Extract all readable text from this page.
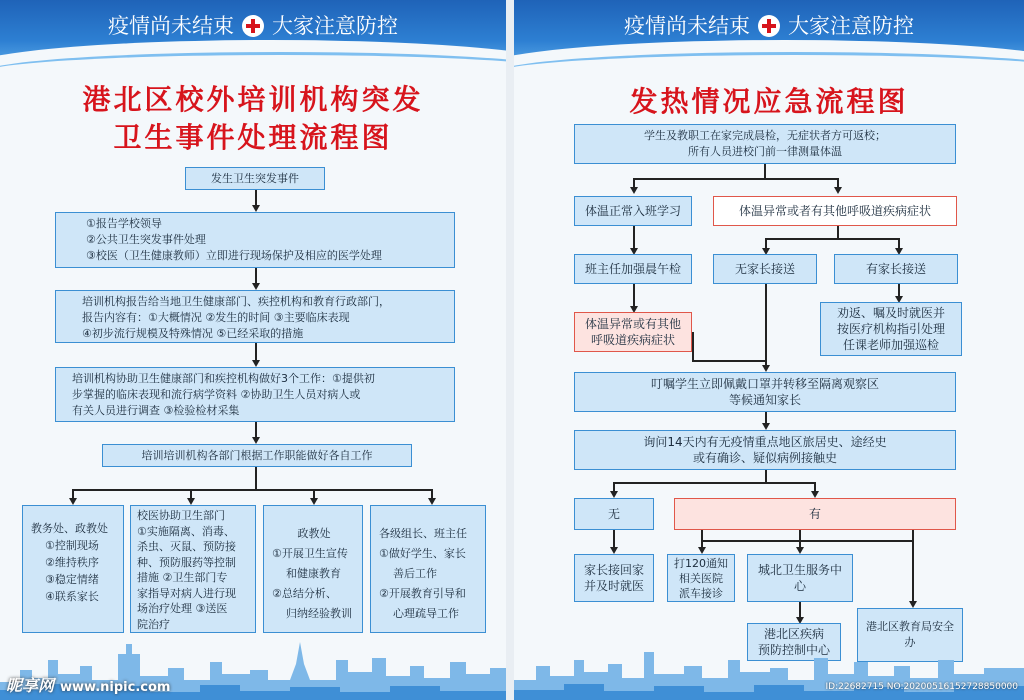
疫情尚未结束 大家注意防控
港北区校外培训机构突发
卫生事件处理流程图
发生卫生突发事件
①报告学校领导
②公共卫生突发事件处理
③校医（卫生健康教师）立即进行现场保护及相应的医学处理
培训机构报告给当地卫生健康部门、疾控机构和教育行政部门，
报告内容有：①大概情况 ②发生的时间 ③主要临床表现
④初步流行规模及特殊情况 ⑤已经采取的措施
培训机构协助卫生健康部门和疾控机构做好3个工作：①提供初
步掌握的临床表现和流行病学资料 ②协助卫生人员对病人或
有关人员进行调查 ③检验检材采集
培训培训机构各部门根据工作职能做好各自工作
教务处、政教处
①控制现场
②维持秩序
③稳定情绪
④联系家长
校医协助卫生部门
①实施隔离、消毒、
杀虫、灭鼠、预防接
种、预防服药等控制
措施 ②卫生部门专
家指导对病人进行现
场治疗处理 ③送医
院治疗
政教处
①开展卫生宣传
和健康教育
②总结分析、
归纳经验教训
各级组长、班主任
①做好学生、家长
善后工作
②开展教育引导和
心理疏导工作
昵享网 www.nipic.com
疫情尚未结束 大家注意防控
发热情况应急流程图
学生及教职工在家完成晨检，无症状者方可返校；
所有人员进校门前一律测量体温
体温正常入班学习	体温异常或者有其他呼吸道疾病症状
班主任加强晨午检	无家长接送	有家长接送
体温异常或有其他
呼吸道疾病症状
劝返、嘱及时就医并
按医疗机构指引处理
任课老师加强巡检
叮嘱学生立即佩戴口罩并转移至隔离观察区
等候通知家长
询问14天内有无疫情重点地区旅居史、途经史
或有确诊、疑似病例接触史
无	有
家长接回家
并及时就医
打120通知
相关医院
派车接诊
城北卫生服务中心
港北区疾病
预防控制中心
港北区教育局安全办
ID:22682715 NO:20200516152728850000
